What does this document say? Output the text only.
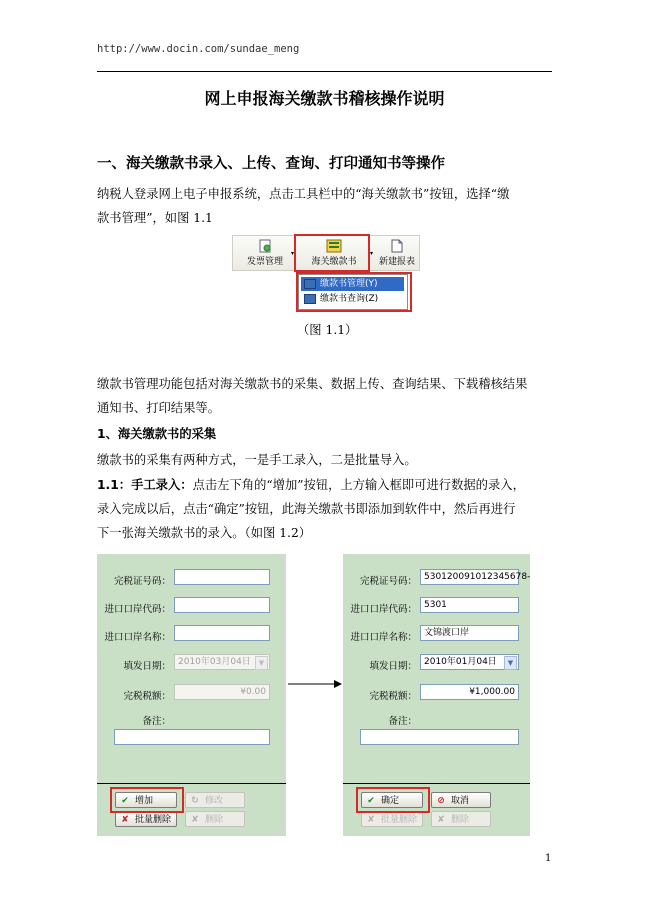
http://www.docin.com/sundae_meng
网上申报海关缴款书稽核操作说明
一、海关缴款书录入、上传、查询、打印通知书等操作
纳税人登录网上电子申报系统，点击工具栏中的“海关缴款书”按钮，选择“缴
款书管理”，如图 1.1
发票管理
▾
海关缴款书
▾
新建报表
缴款书管理(Y)
缴款书查询(Z)
（图 1.1）
缴款书管理功能包括对海关缴款书的采集、数据上传、查询结果、下载稽核结果
通知书、打印结果等。
1、海关缴款书的采集
缴款书的采集有两种方式，一是手工录入，二是批量导入。
1.1：手工录入：点击左下角的“增加”按钮，上方输入框即可进行数据的录入，
录入完成以后，点击“确定”按钮，此海关缴款书即添加到软件中，然后再进行
下一张海关缴款书的录入。（如图 1.2）
完税证号码：
进口口岸代码：
进口口岸名称：
填发日期： 2010年03月04日	▼
完税税额：	¥0.00
备注：
✔ 增加	↻ 修改
✘ 批量删除	✘ 删除
完税证号码： 530120091012345678-
进口口岸代码： 5301
进口口岸名称： 文锦渡口岸
填发日期： 2010年01月04日	▼
完税税额：	¥1,000.00
备注：
✔ 确定	⊘ 取消
✘ 批量删除	✘ 删除
1
